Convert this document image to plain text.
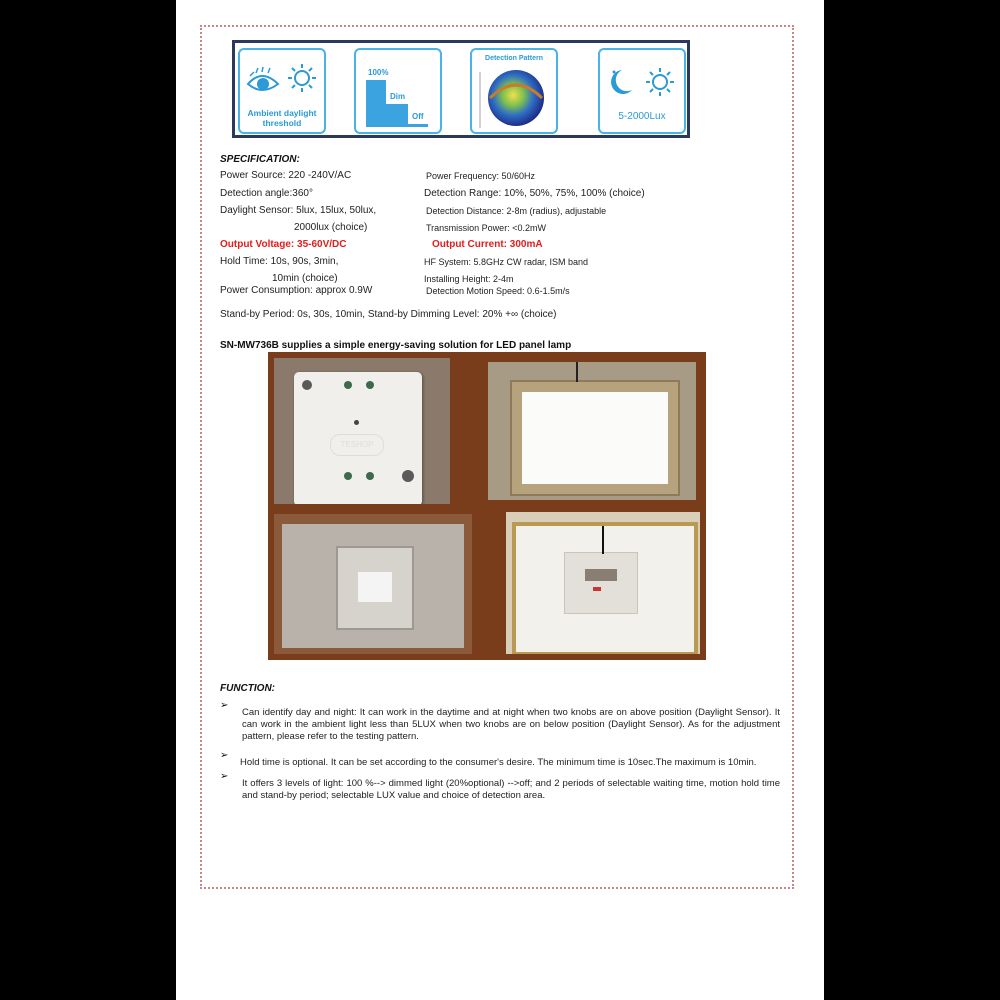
Ambient daylight threshold
100%
Dim
Off
Detection Pattern
5-2000Lux
SPECIFICATION:
Power Source: 220 -240V/AC	Power Frequency: 50/60Hz
Detection angle:360°	Detection Range: 10%, 50%, 75%, 100% (choice)
Daylight Sensor: 5lux, 15lux, 50lux,	Detection Distance: 2-8m (radius), adjustable
2000lux (choice)	Transmission Power: <0.2mW
Output Voltage: 35-60V/DC	Output Current: 300mA
Hold Time: 10s, 90s, 3min,	HF System: 5.8GHz CW radar, ISM band
10min (choice)	Installing Height: 2-4m
Power Consumption: approx 0.9W	Detection Motion Speed: 0.6-1.5m/s
Stand-by Period: 0s, 30s, 10min, Stand-by Dimming Level: 20% +∞ (choice)
SN-MW736B supplies a simple energy-saving solution for LED panel lamp
TESHOP
FUNCTION:
➢
Can identify day and night: It can work in the daytime and at night when two knobs are on above position (Daylight Sensor). It can work in the ambient light less than 5LUX when two knobs are on below position (Daylight Sensor). As for the adjustment pattern, please refer to the testing pattern.
➢
Hold time is optional. It can be set according to the consumer's desire. The minimum time is 10sec.The maximum is 10min.
➢
It offers 3 levels of light: 100 %--> dimmed light (20%optional) -->off; and 2 periods of selectable waiting time, motion hold time and stand-by period; selectable LUX value and choice of detection area.
